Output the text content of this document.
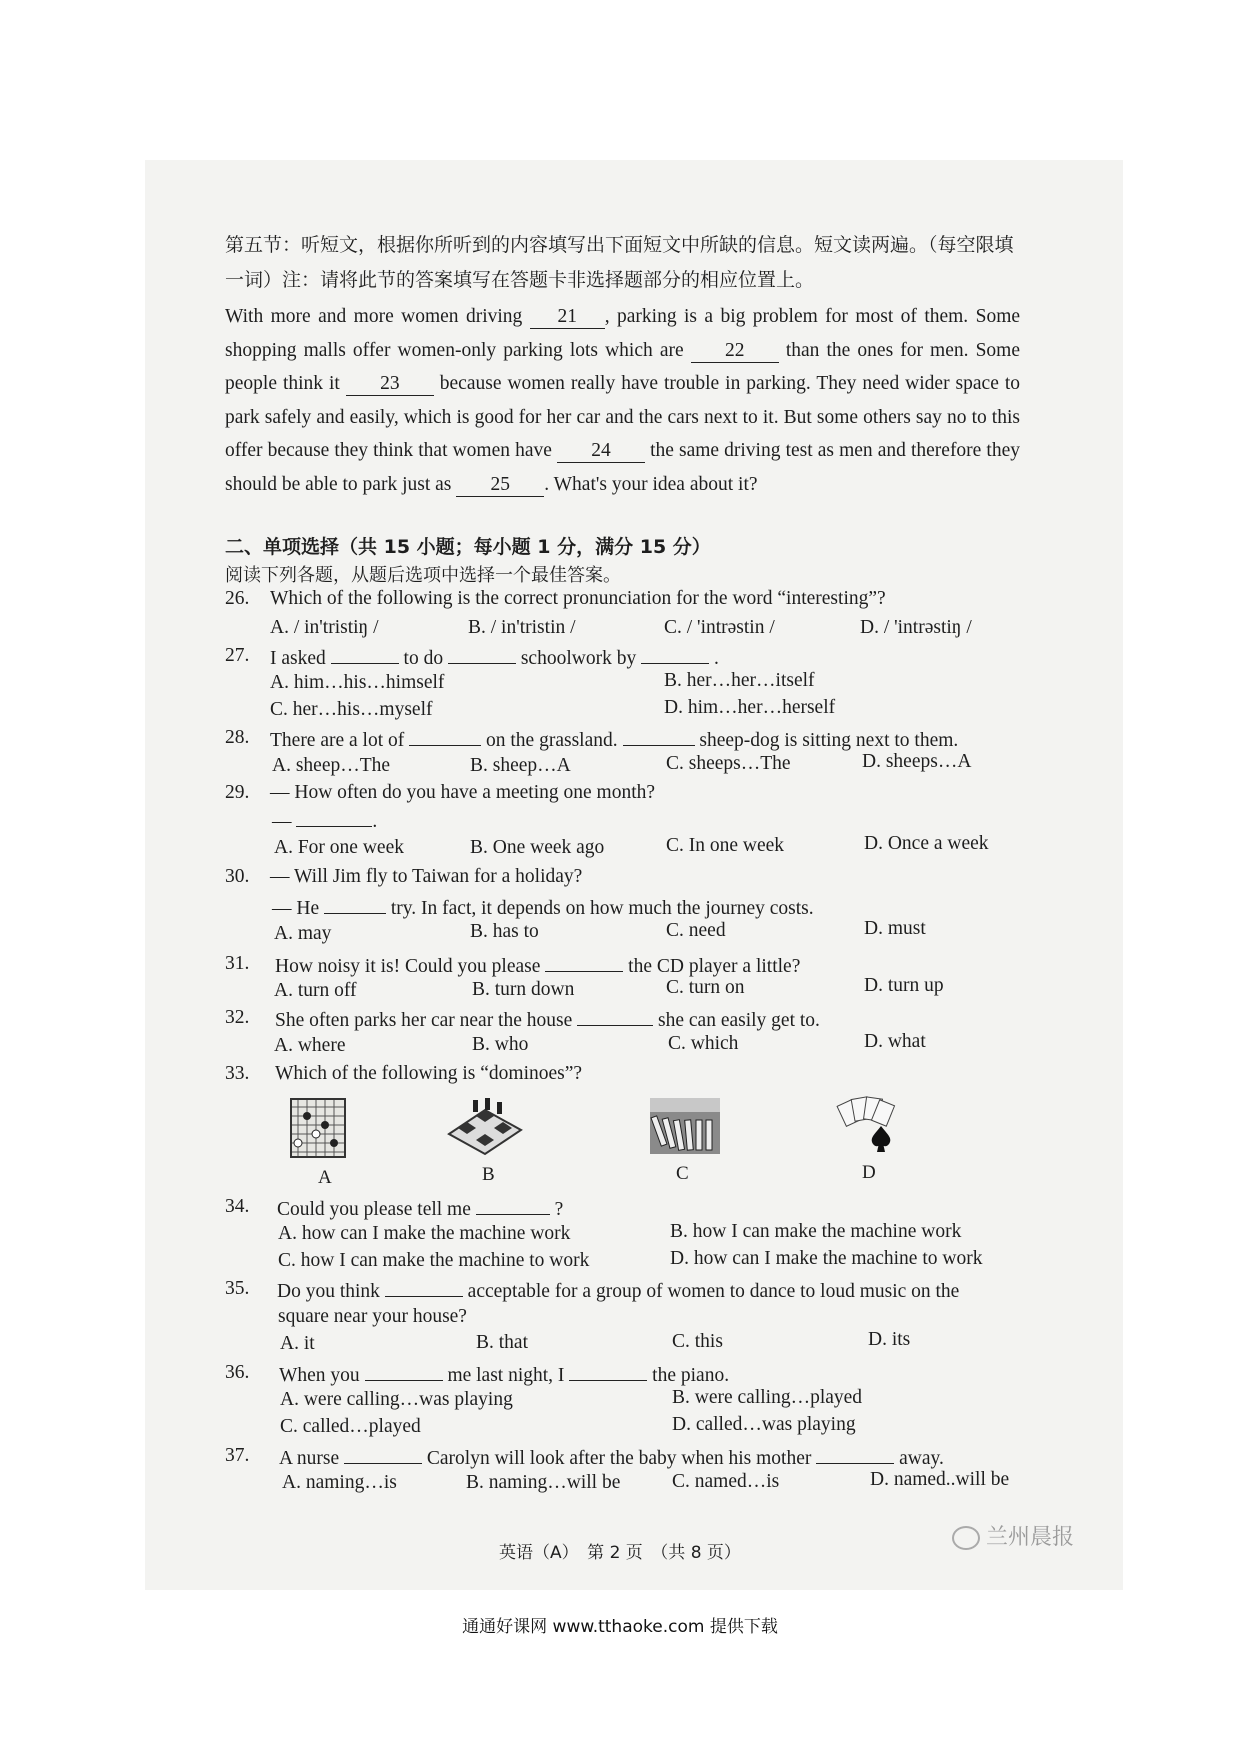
第五节：听短文，根据你所听到的内容填写出下面短文中所缺的信息。短文读两遍。（每空限填一词）注：请将此节的答案填写在答题卡非选择题部分的相应位置上。
With more and more women driving 21 , parking is a big problem for most of them. Some shopping malls offer women-only parking lots which are 22 than the ones for men. Some people think it 23 because women really have trouble in parking. They need wider space to park safely and easily, which is good for her car and the cars next to it. But some others say no to this offer because they think that women have 24 the same driving test as men and therefore they should be able to park just as 25 . What's your idea about it?
二、单项选择（共 15 小题；每小题 1 分，满分 15 分）
阅读下列各题，从题后选项中选择一个最佳答案。
26. Which of the following is the correct pronunciation for the word “interesting”?
A. / in'tristiŋ /	B. / in'tristin /	C. / 'intrəstin /	D. / 'intrəstiŋ /
27. I asked	to do	schoolwork by	.
A. him…his…himself	B. her…her…itself
C. her…his…myself	D. him…her…herself
28. There are a lot of	on the grassland.	sheep-dog is sitting next to them.
A. sheep…The	B. sheep…A	C. sheeps…The	D. sheeps…A
29. — How often do you have a meeting one month?
—	.
A. For one week	B. One week ago	C. In one week	D. Once a week
30. — Will Jim fly to Taiwan for a holiday?
— He	try. In fact, it depends on how much the journey costs.
A. may	B. has to	C. need	D. must
31. How noisy it is! Could you please	the CD player a little?
A. turn off	B. turn down	C. turn on	D. turn up
32. She often parks her car near the house	she can easily get to.
A. where	B. who	C. which	D. what
33. Which of the following is “dominoes”?
A	B	C	D
34. Could you please tell me	?
A. how can I make the machine work	B. how I can make the machine work
C. how I can make the machine to work	D. how can I make the machine to work
35. Do you think	acceptable for a group of women to dance to loud music on the
square near your house?
A. it	B. that	C. this	D. its
36. When you	me last night, I	the piano.
A. were calling…was playing	B. were calling…played
C. called…played	D. called…was playing
37. A nurse	Carolyn will look after the baby when his mother	away.
A. naming…is	B. naming…will be	C. named…is	D. named..will be
英语（A）　第 2 页　（共 8 页）
兰州晨报
通通好课网 www.tthaoke.com 提供下载
